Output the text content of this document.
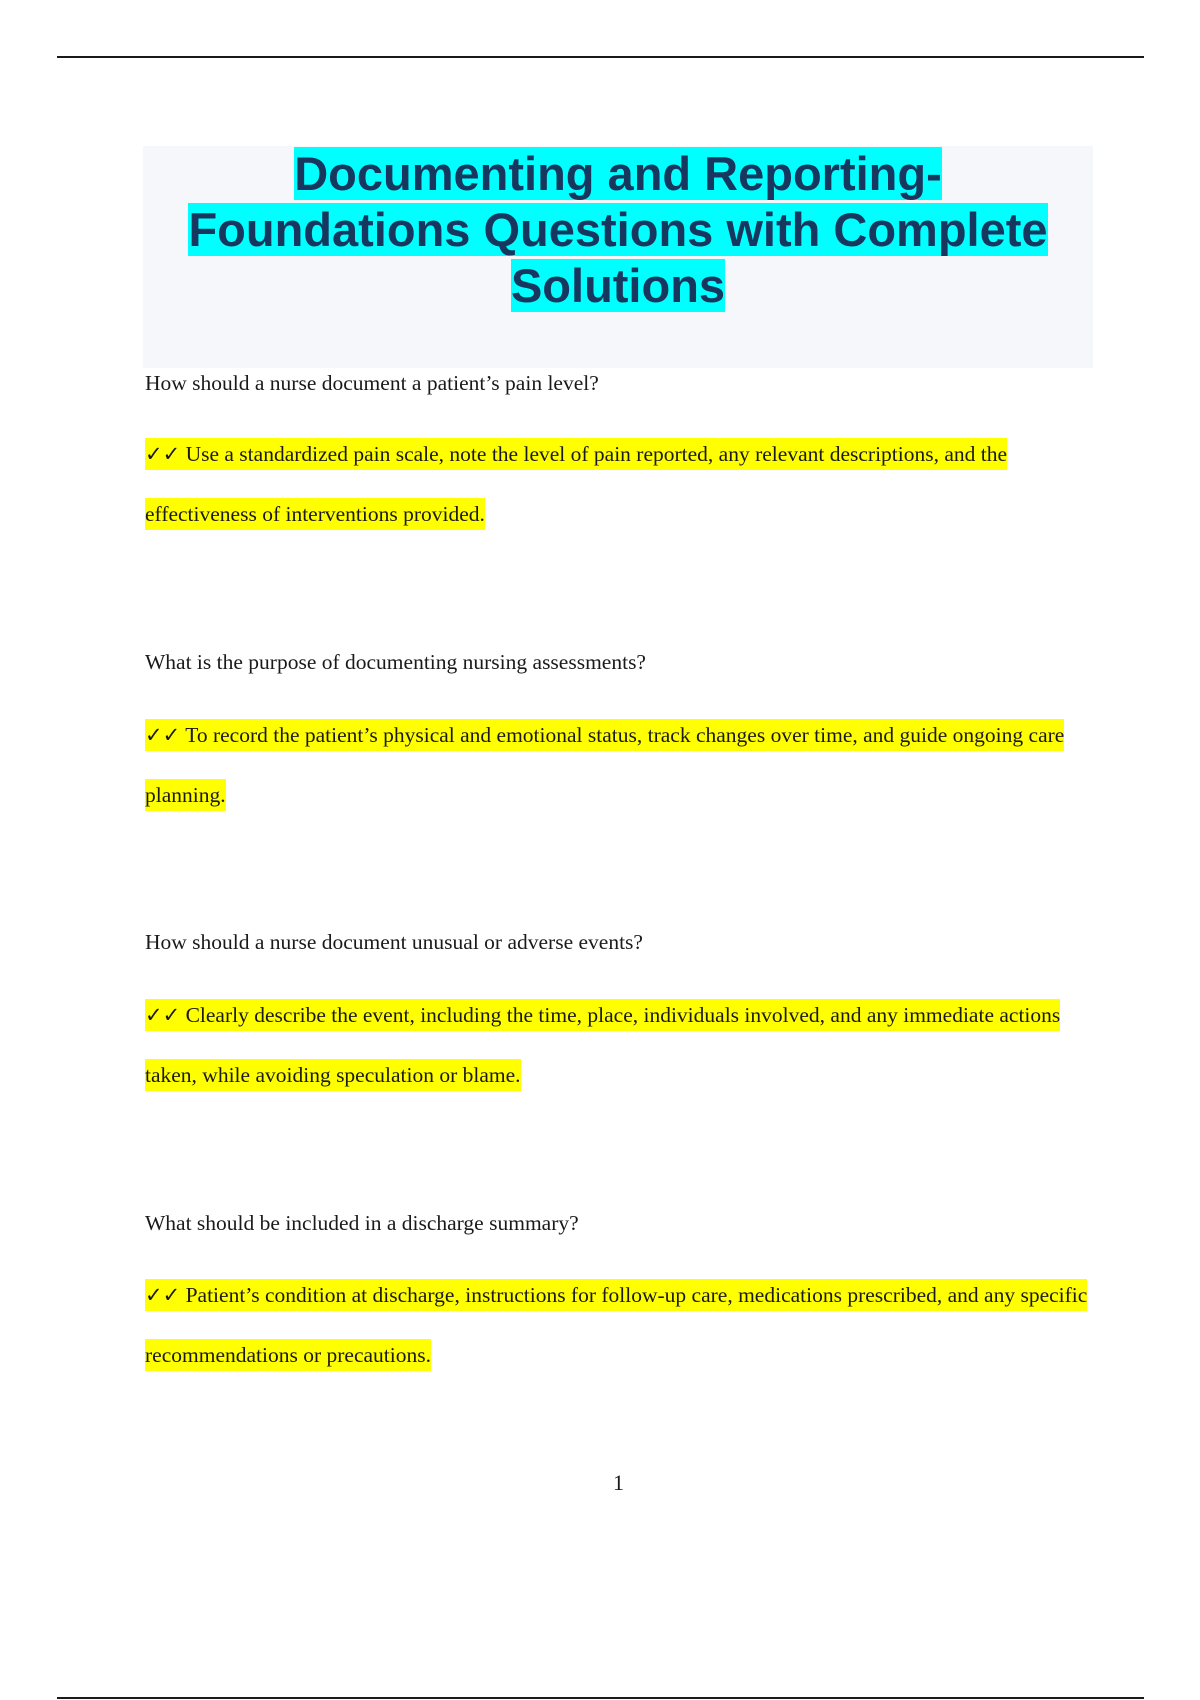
Documenting and Reporting-
Foundations Questions with Complete
Solutions
How should a nurse document a patient’s pain level?
✓✓ Use a standardized pain scale, note the level of pain reported, any relevant descriptions, and the effectiveness of interventions provided.
What is the purpose of documenting nursing assessments?
✓✓ To record the patient’s physical and emotional status, track changes over time, and guide ongoing care planning.
How should a nurse document unusual or adverse events?
✓✓ Clearly describe the event, including the time, place, individuals involved, and any immediate actions taken, while avoiding speculation or blame.
What should be included in a discharge summary?
✓✓ Patient’s condition at discharge, instructions for follow-up care, medications prescribed, and any specific recommendations or precautions.
1
